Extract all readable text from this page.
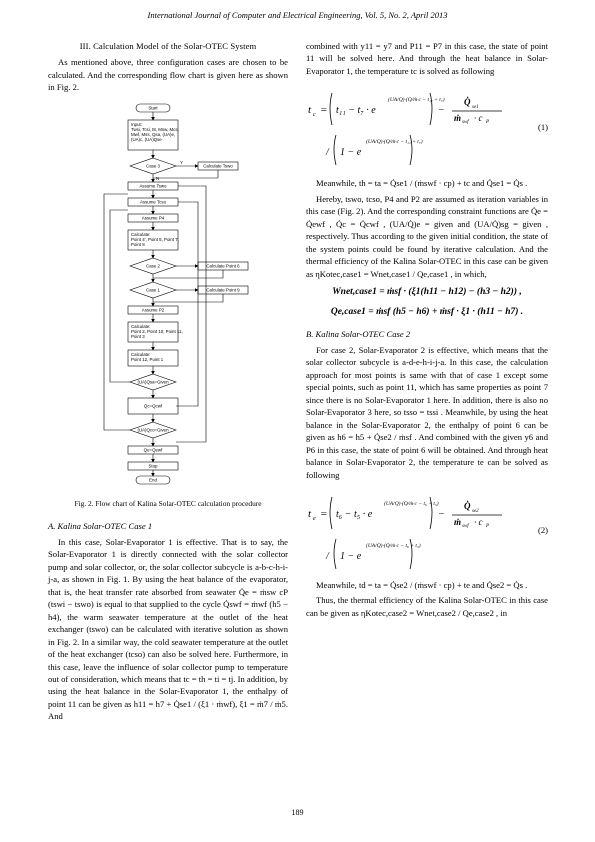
International Journal of Computer and Electrical Engineering, Vol. 5, No. 2, April 2013
III. Calculation Model of the Solar-OTEC System

As mentioned above, three configuration cases are chosen to be calculated. And the corresponding flow chart is given here as shown in Fig. 2.

Start
Input: Twsi, Tcsi, t8, Msw, Mcs, Mwf, Mss, Qsa, (UA)e, (UA)c, (UA)Qse
Case 3	Calculate Tswo
Assume Tswo
Assume Tcso
Assume P4
Calculate: Point 4', Point 5, Point 7, Point 8
Case 2	Calculate Point 6
Case 1	Calculate Point 9
Assume P2
Calculate: Point 2, Point 10, Point 11, Point 3
Calculate: Point 12, Point 1
(UA)Qsa=Given
Qc=Qcwf
(UA)Qco=Given
Qe=Qewf
Stop
End
Y
N
Fig. 2. Flow chart of Kalina Solar-OTEC calculation procedure
A. Kalina Solar-OTEC Case 1

In this case, Solar-Evaporator 1 is effective. That is to say, the Solar-Evaporator 1 is directly connected with the solar collector pump and solar collector, or, the solar collector subcycle is a-b-c-h-i-j-a, as shown in Fig. 1. By using the heat balance of the evaporator, that is, the heat transfer rate absorbed from seawater Q̇e = ṁsw cP (tswi − tswo) is equal to that supplied to the cycle Q̇swf = ṁwf (h5 − h4), the warm seawater temperature at the outlet of the heat exchanger (tswo) can be calculated with iterative solution as shown in Fig. 2. In a similar way, the cold seawater temperature at the outlet of the heat exchanger (tcso) can also be solved here. Furthermore, in this case, leave the influence of solar collector pump to temperature out of consideration, which means that tc = th = ti = tj. In addition, by using the heat balance in the Solar-Evaporator 1, the enthalpy of point 11 can be given as h11 = h7 + Q̇se1 / (ξ1 · ṁwf), ξ1 = ṁ7 / ṁ5. And

combined with y11 = y7 and P11 = P7 in this case, the state of point 11 will be solved here. And through the heat balance in Solar-Evaporator 1, the temperature tc is solved as following

t c = t₁₁ − t₇ · e
(UA/Q)·(Q/ṁ·c − t₁₁ + t₇)
−
Q̇
se1
ṁ swf · c P
/ 1 − e
(UA/Q)·(Q/ṁ·c − t₁₁ + t₇)
(1)

Meanwhile, th = ta = Q̇se1 / (ṁswf · cp) + tc and Q̇se1 = Q̇s .

Hereby, tswo, tcso, P4 and P2 are assumed as iteration variables in this case (Fig. 2). And the corresponding constraint functions are Q̇e = Q̇ewf , Q̇c = Q̇cwf , (UA/Q̇)e = given and (UA/Q̇)sg = given , respectively. Thus according to the given initial condition, the state of the system points could be found by iterative calculation. And the thermal efficiency of the Kalina Solar-OTEC in this case can be given as ηKotec,case1 = Wnet,case1 / Qe,case1 , in which,

Wnet,case1 = ṁsf · (ξ1(h11 − h12) − (h3 − h2)) ,
Qe,case1 = ṁsf (h5 − h6) + ṁsf · ξ1 · (h11 − h7) .
B. Kalina Solar-OTEC Case 2

For case 2, Solar-Evaporator 2 is effective, which means that the solar collector subcycle is a-d-e-h-i-j-a. In this case, the calculation approach for most points is same with that of case 1 except some special points, such as point 11, which has same properties as point 7 since there is no Solar-Evaporator 1 here. In addition, there is also no Solar-Evaporator 3 here, so tsso = tssi . Meanwhile, by using the heat balance in the Solar-Evaporator 2, the enthalpy of point 6 can be given as h6 = h5 + Q̇se2 / ṁsf . And combined with the given y6 and P6 in this case, the state of point 6 will be obtained. And through heat balance in Solar-Evaporator 2, the temperature te can be solved as following

t e = t₆ − t₅ · e
(UA/Q)·(Q/ṁ·c − t₆ + t₅)
−
Q̇
se2
ṁ swf · c P
/ 1 − e
(UA/Q)·(Q/ṁ·c − t₆ + t₅)
(2)

Meanwhile, td = ta = Q̇se2 / (ṁswf · cp) + te and Q̇se2 = Q̇s .

Thus, the thermal efficiency of the Kalina Solar-OTEC in this case can be given as ηKotec,case2 = Wnet,case2 / Qe,case2 , in

189
